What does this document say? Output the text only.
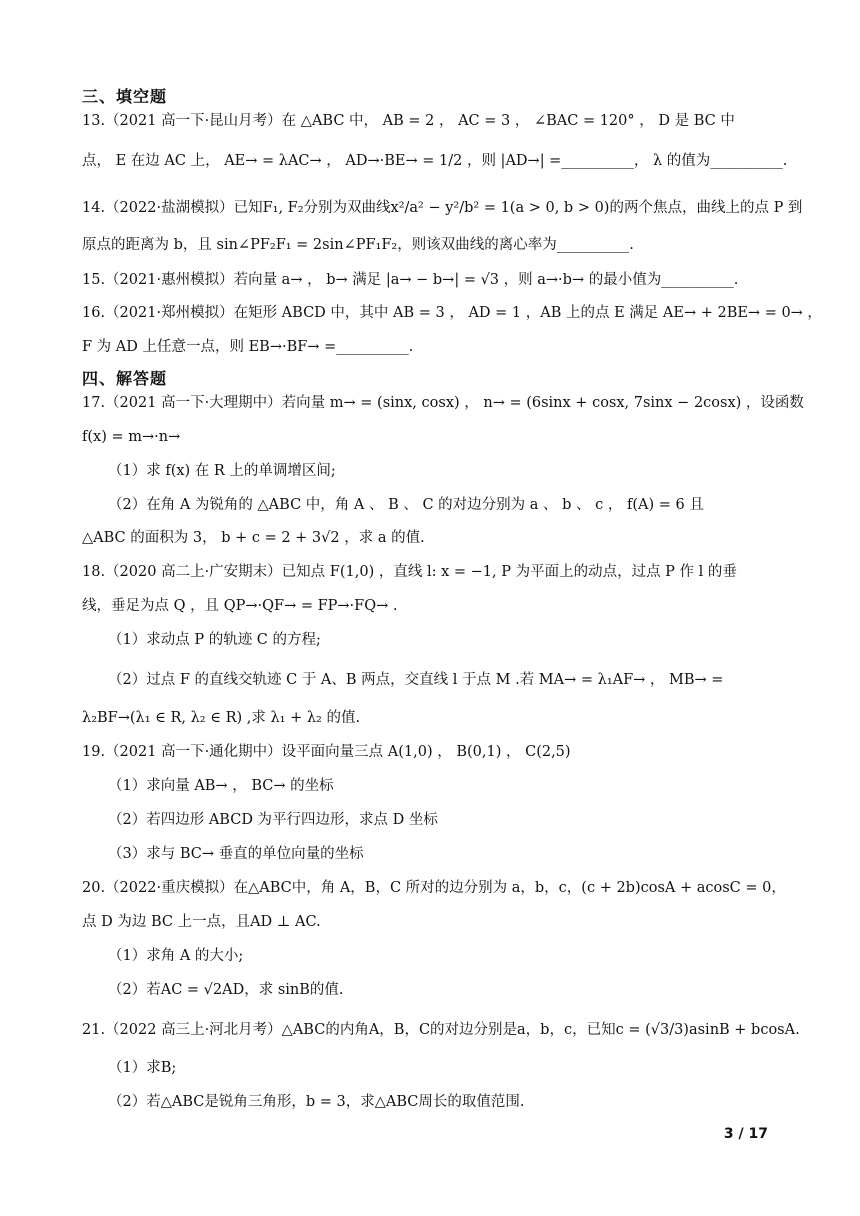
三、填空题
13.（2021 高一下·昆山月考）在 △ABC 中， AB = 2 ， AC = 3 ， ∠BAC = 120° ， D 是 BC 中
点， E 在边 AC 上， AE→ = λAC→ ， AD→·BE→ = 1/2 ，则 |AD→| =__________， λ 的值为__________.
14.（2022·盐湖模拟）已知F₁, F₂分别为双曲线x²/a² − y²/b² = 1(a > 0, b > 0)的两个焦点，曲线上的点 P 到
原点的距离为 b，且 sin∠PF₂F₁ = 2sin∠PF₁F₂，则该双曲线的离心率为__________.
15.（2021·惠州模拟）若向量 a→ ， b→ 满足 |a→ − b→| = √3 ，则 a→·b→ 的最小值为__________.
16.（2021·郑州模拟）在矩形 ABCD 中，其中 AB = 3 ， AD = 1 ，AB 上的点 E 满足 AE→ + 2BE→ = 0→ ，
F 为 AD 上任意一点，则 EB→·BF→ =__________.
四、解答题
17.（2021 高一下·大理期中）若向量 m→ = (sinx, cosx) ， n→ = (6sinx + cosx, 7sinx − 2cosx) ，设函数
f(x) = m→·n→
（1）求 f(x) 在 R 上的单调增区间;
（2）在角 A 为锐角的 △ABC 中，角 A 、 B 、 C 的对边分别为 a 、 b 、 c ， f(A) = 6 且
△ABC 的面积为 3， b + c = 2 + 3√2 ，求 a 的值.
18.（2020 高二上·广安期末）已知点 F(1,0) ，直线 l: x = −1, P 为平面上的动点，过点 P 作 l 的垂
线，垂足为点 Q ，且 QP→·QF→ = FP→·FQ→ .
（1）求动点 P 的轨迹 C 的方程;
（2）过点 F 的直线交轨迹 C 于 A、B 两点，交直线 l 于点 M .若 MA→ = λ₁AF→ ， MB→ =
λ₂BF→(λ₁ ∈ R, λ₂ ∈ R) ,求 λ₁ + λ₂ 的值.
19.（2021 高一下·通化期中）设平面向量三点 A(1,0) ， B(0,1) ， C(2,5)
（1）求向量 AB→ ， BC→ 的坐标
（2）若四边形 ABCD 为平行四边形，求点 D 坐标
（3）求与 BC→ 垂直的单位向量的坐标
20.（2022·重庆模拟）在△ABC中，角 A，B，C 所对的边分别为 a，b，c，(c + 2b)cosA + acosC = 0，
点 D 为边 BC 上一点，且AD ⊥ AC.
（1）求角 A 的大小;
（2）若AC = √2AD，求 sinB的值.
21.（2022 高三上·河北月考）△ABC的内角A，B，C的对边分别是a，b，c，已知c = (√3/3)asinB + bcosA.
（1）求B;
（2）若△ABC是锐角三角形，b = 3，求△ABC周长的取值范围.
3 / 17
